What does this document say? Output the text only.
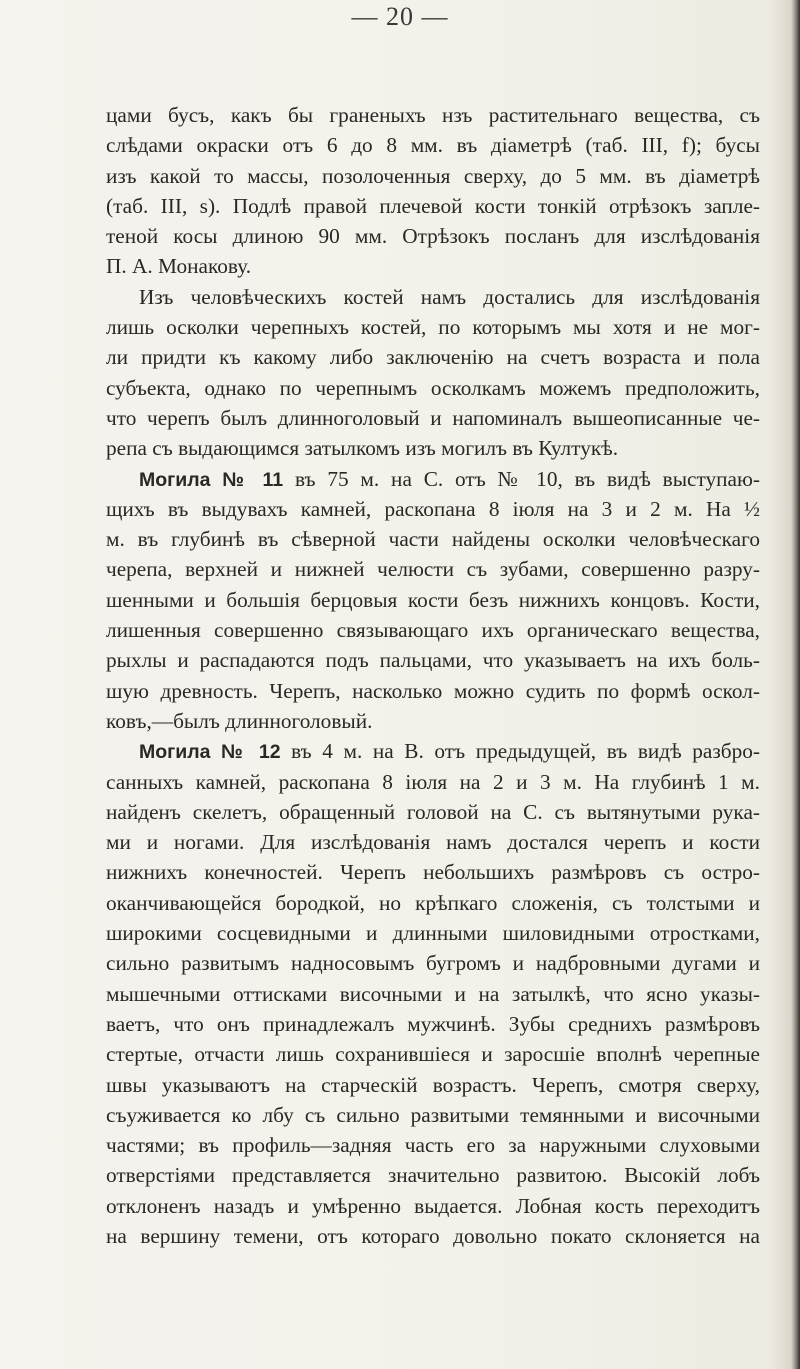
— 20 —
цами бусъ, какъ бы граненыхъ нзъ растительнаго вещества, съ
слѣдами окраски отъ 6 до 8 мм. въ діаметрѣ (таб. III, f); бусы
изъ какой то массы, позолоченныя сверху, до 5 мм. въ діаметрѣ
(таб. III, s). Подлѣ правой плечевой кости тонкій отрѣзокъ запле-
теной косы длиною 90 мм. Отрѣзокъ посланъ для изслѣдованія
П. А. Монакову.
Изъ человѣческихъ костей намъ достались для изслѣдованія
лишь осколки черепныхъ костей, по которымъ мы хотя и не мог-
ли придти къ какому либо заключенію на счетъ возраста и пола
субъекта, однако по черепнымъ осколкамъ можемъ предположить,
что черепъ былъ длинноголовый и напоминалъ вышеописанные че-
репа съ выдающимся затылкомъ изъ могилъ въ Култукѣ.
Могила № 11 въ 75 м. на С. отъ № 10, въ видѣ выступаю-
щихъ въ выдувахъ камней, раскопана 8 іюля на 3 и 2 м. На ½
м. въ глубинѣ въ сѣверной части найдены осколки человѣческаго
черепа, верхней и нижней челюсти съ зубами, совершенно разру-
шенными и большія берцовыя кости безъ нижнихъ концовъ. Кости,
лишенныя совершенно связывающаго ихъ органическаго вещества,
рыхлы и распадаются подъ пальцами, что указываетъ на ихъ боль-
шую древность. Черепъ, насколько можно судить по формѣ оскол-
ковъ,—былъ длинноголовый.
Могила № 12 въ 4 м. на В. отъ предыдущей, въ видѣ разбро-
санныхъ камней, раскопана 8 іюля на 2 и 3 м. На глубинѣ 1 м.
найденъ скелетъ, обращенный головой на С. съ вытянутыми рука-
ми и ногами. Для изслѣдованія намъ достался черепъ и кости
нижнихъ конечностей. Черепъ небольшихъ размѣровъ съ остро-
оканчивающейся бородкой, но крѣпкаго сложенія, съ толстыми и
широкими сосцевидными и длинными шиловидными отростками,
сильно развитымъ надносовымъ бугромъ и надбровными дугами и
мышечными оттисками височными и на затылкѣ, что ясно указы-
ваетъ, что онъ принадлежалъ мужчинѣ. Зубы среднихъ размѣровъ
стертые, отчасти лишь сохранившіеся и заросшіе вполнѣ черепные
швы указываютъ на старческій возрастъ. Черепъ, смотря сверху,
съуживается ко лбу съ сильно развитыми темянными и височными
частями; въ профиль—задняя часть его за наружными слуховыми
отверстіями представляется значительно развитою. Высокій лобъ
отклоненъ назадъ и умѣренно выдается. Лобная кость переходитъ
на вершину темени, отъ котораго довольно покато склоняется на
